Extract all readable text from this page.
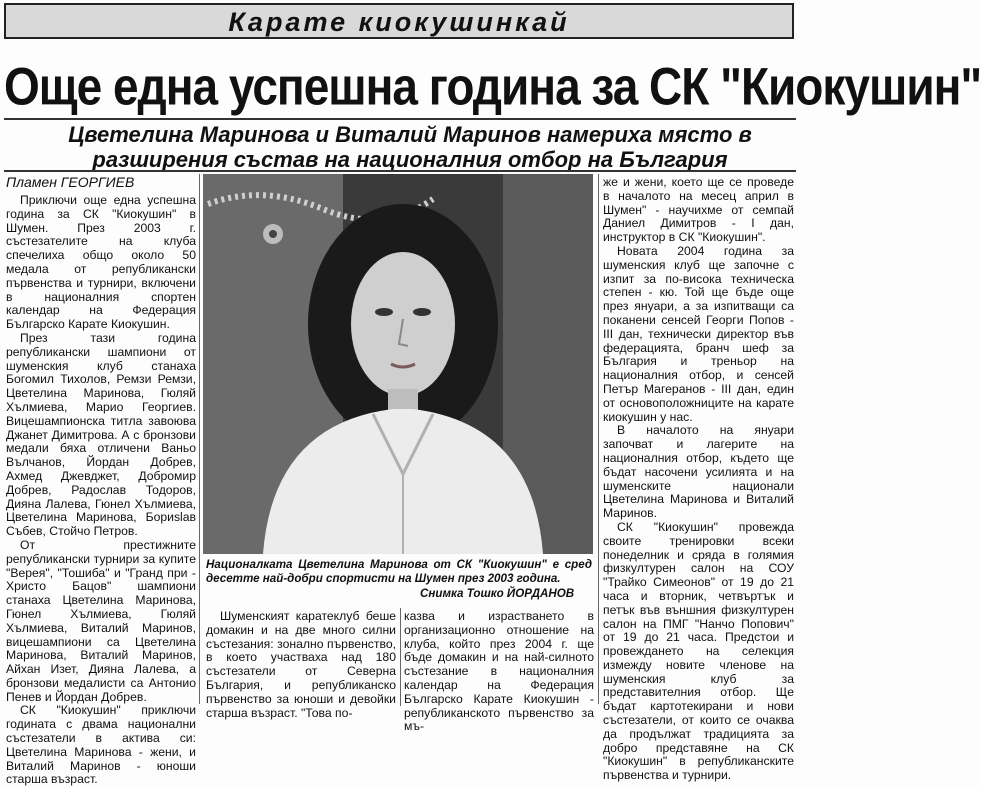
Карате киокушинкай
Още една успешна година за СК "Киокушин"
Цветелина Маринова и Виталий Маринов намериха място в разширения състав на националния отбор на България
Пламен ГЕОРГИЕВ

Приключи още една успешна година за СК "Киокушин" в Шумен. През 2003 г. състезателите на клуба спечелиха общо около 50 медала от републикански първенства и турнири, включени в националния спортен календар на Федерация Българско Карате Киокушин.

През тази година републикански шампиони от шуменския клуб станаха Богомил Тихолов, Ремзи Ремзи, Цветелина Маринова, Гюляй Хълмиева, Марио Георгиев. Вицешампионска титла завоюва Джанет Димитрова. А с бронзови медали бяха отличени Ваньо Вълчанов, Йордан Добрев, Ахмед Джевджет, Добромир Добрев, Радослав Тодоров, Дияна Лалева, Гюнел Хълмиева, Цветелина Маринова, Бориslaв Събев, Стойчо Петров.

От престижните републикански турнири за купите "Верея", "Тошиба" и "Гранд при - Христо Бацов" шампиони станаха Цветелина Маринова, Гюнел Хълмиева, Гюляй Хълмиева, Виталий Маринов, вицешампиони са Цветелина Маринова, Виталий Маринов, Айхан Изет, Дияна Лалева, а бронзови медалисти са Антонио Пенев и Йордан Добрев.

СК "Киокушин" приключи годината с двама национални състезатели в актива си: Цветелина Маринова - жени, и Виталий Маринов - юноши старша възраст.

Националката Цветелина Маринова от СК "Киокушин" е сред десетте най-добри спортисти на Шумен през 2003 година.
Снимка Тошко ЙОРДАНОВ

Шуменският каратеклуб беше домакин и на две много силни състезания: зонално първенство, в което участваха над 180 състезатели от Северна България, и републиканско първенство за юноши и девойки старша възраст. "Това по-

казва и израстването в организационно отношение на клуба, който през 2004 г. ще бъде домакин и на най-силното състезание в националния календар на Федерация Българско Карате Киокушин - републиканското първенство за мъ-

же и жени, което ще се проведе в началото на месец април в Шумен" - научихме от семпай Даниел Димитров - I дан, инструктор в СК "Киокушин".

Новата 2004 година за шуменския клуб ще започне с изпит за по-висока техническа степен - кю. Той ще бъде още през януари, а за изпитващи са поканени сенсей Георги Попов - III дан, технически директор във федерацията, бранч шеф за България и треньор на националния отбор, и сенсей Петър Магеранов - III дан, един от основоположниците на карате киокушин у нас.

В началото на януари започват и лагерите на националния отбор, където ще бъдат насочени усилията и на шуменските национали Цветелина Маринова и Виталий Маринов.

СК "Киокушин" провежда своите тренировки всеки понеделник и сряда в голямия физкултурен салон на СОУ "Трайко Симеонов" от 19 до 21 часа и вторник, четвъртък и петък във външния физкултурен салон на ПМГ "Нанчо Попович" от 19 до 21 часа. Предстои и провеждането на селекция измежду новите членове на шуменския клуб за представителния отбор. Ще бъдат картотекирани и нови състезатели, от които се очаква да продължат традицията за добро представяне на СК "Киокушин" в републиканските първенства и турнири.
